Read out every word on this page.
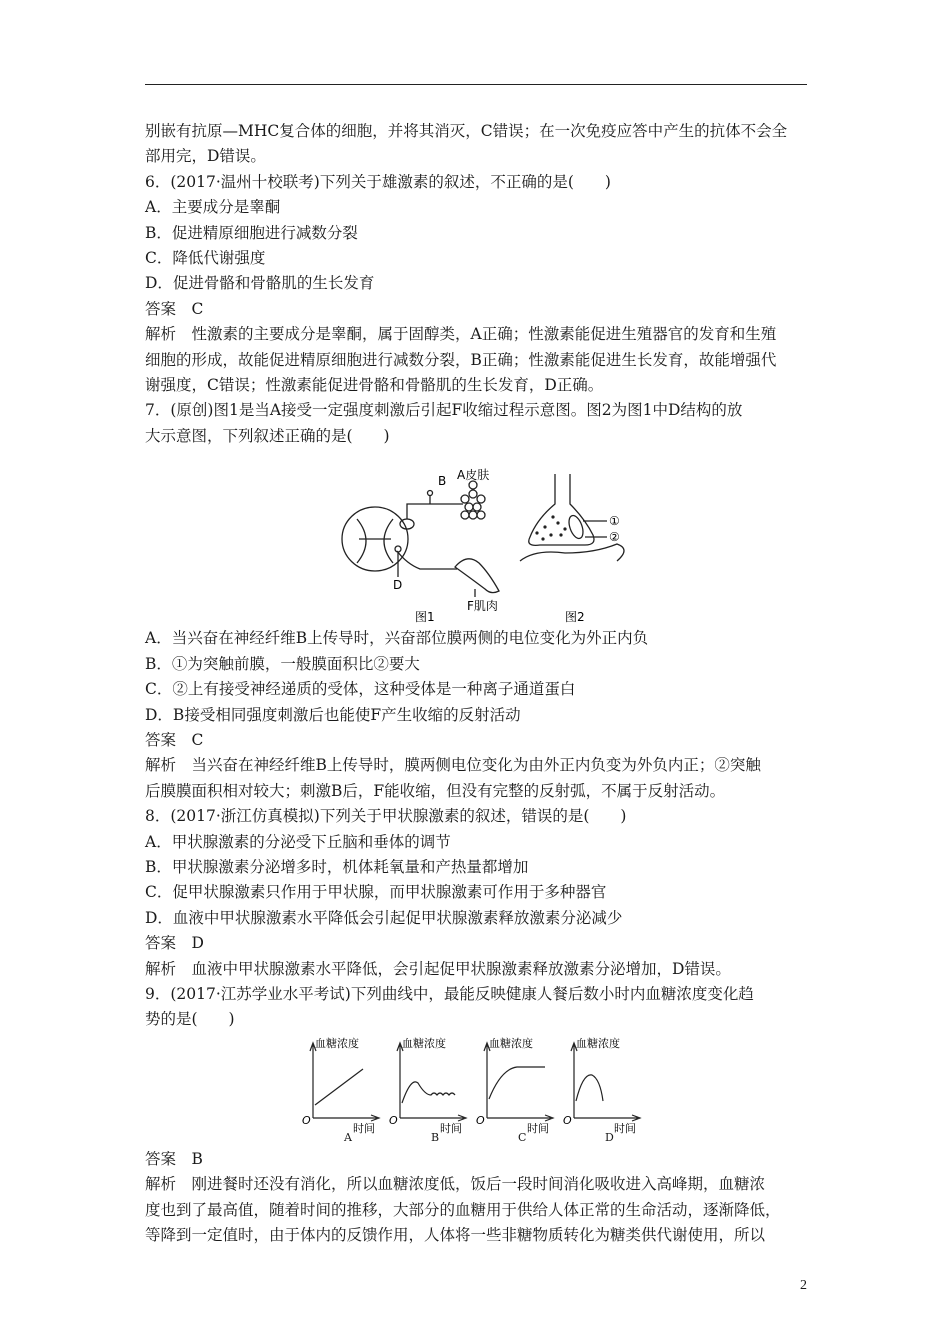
别嵌有抗原—MHC复合体的细胞，并将其消灭，C错误；在一次免疫应答中产生的抗体不会全

部用完，D错误。

6．(2017·温州十校联考)下列关于雄激素的叙述，不正确的是(　　)

A．主要成分是睾酮

B．促进精原细胞进行减数分裂

C．降低代谢强度

D．促进骨骼和骨骼肌的生长发育

答案　C

解析　性激素的主要成分是睾酮，属于固醇类，A正确；性激素能促进生殖器官的发育和生殖

细胞的形成，故能促进精原细胞进行减数分裂，B正确；性激素能促进生长发育，故能增强代

谢强度，C错误；性激素能促进骨骼和骨骼肌的生长发育，D正确。

7．(原创)图1是当A接受一定强度刺激后引起F收缩过程示意图。图2为图1中D结构的放

大示意图，下列叙述正确的是(　　)

B A皮肤
D
F肌肉
①
②
图1	图2

A．当兴奋在神经纤维B上传导时，兴奋部位膜两侧的电位变化为外正内负

B．①为突触前膜，一般膜面积比②要大

C．②上有接受神经递质的受体，这种受体是一种离子通道蛋白

D．B接受相同强度刺激后也能使F产生收缩的反射活动

答案　C

解析　当兴奋在神经纤维B上传导时，膜两侧电位变化为由外正内负变为外负内正；②突触

后膜膜面积相对较大；刺激B后，F能收缩，但没有完整的反射弧，不属于反射活动。

8．(2017·浙江仿真模拟)下列关于甲状腺激素的叙述，错误的是(　　)

A．甲状腺激素的分泌受下丘脑和垂体的调节

B．甲状腺激素分泌增多时，机体耗氧量和产热量都增加

C．促甲状腺激素只作用于甲状腺，而甲状腺激素可作用于多种器官

D．血液中甲状腺激素水平降低会引起促甲状腺激素释放激素分泌减少

答案　D

解析　血液中甲状腺激素水平降低，会引起促甲状腺激素释放激素分泌增加，D错误。

9．(2017·江苏学业水平考试)下列曲线中，最能反映健康人餐后数小时内血糖浓度变化趋

势的是(　　)

血糖浓度	血糖浓度	血糖浓度	血糖浓度
时间	时间	时间	时间
O	O	O	O
A	B	C	D

答案　B

解析　刚进餐时还没有消化，所以血糖浓度低，饭后一段时间消化吸收进入高峰期，血糖浓

度也到了最高值，随着时间的推移，大部分的血糖用于供给人体正常的生命活动，逐渐降低，

等降到一定值时，由于体内的反馈作用，人体将一些非糖物质转化为糖类供代谢使用，所以

2
